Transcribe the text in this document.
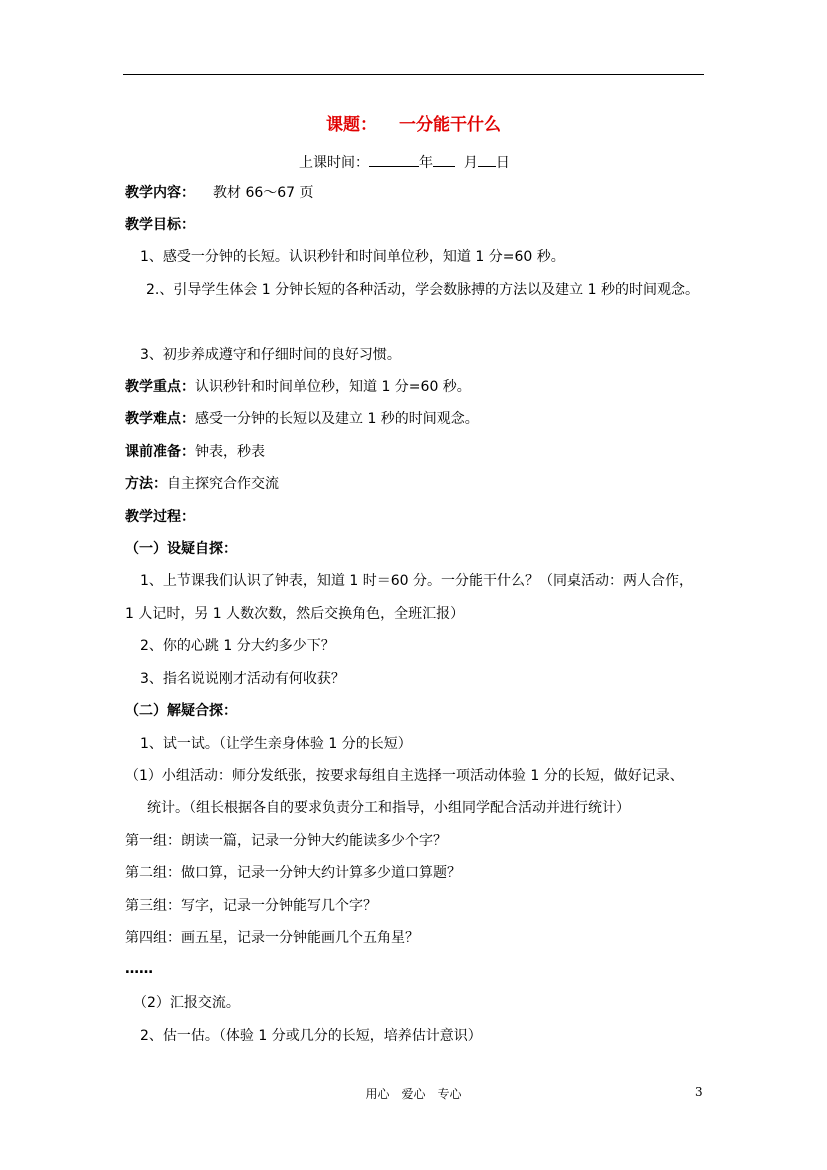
课题： 一分能干什么
上课时间：	年 月 日
教学内容： 教材 66～67 页
教学目标：
1、感受一分钟的长短。认识秒针和时间单位秒，知道 1 分=60 秒。
2.、引导学生体会 1 分钟长短的各种活动，学会数脉搏的方法以及建立 1 秒的时间观念。
3、初步养成遵守和仔细时间的良好习惯。
教学重点：认识秒针和时间单位秒，知道 1 分=60 秒。
教学难点：感受一分钟的长短以及建立 1 秒的时间观念。
课前准备：钟表，秒表
方法：自主探究合作交流
教学过程：
（一）设疑自探：
1、上节课我们认识了钟表，知道 1 时＝60 分。一分能干什么？（同桌活动：两人合作，
1 人记时，另 1 人数次数，然后交换角色，全班汇报）
2、你的心跳 1 分大约多少下？
3、指名说说刚才活动有何收获？
（二）解疑合探：
1、试一试。（让学生亲身体验 1 分的长短）
（1）小组活动：师分发纸张，按要求每组自主选择一项活动体验 1 分的长短，做好记录、
统计。（组长根据各自的要求负责分工和指导，小组同学配合活动并进行统计）
第一组：朗读一篇，记录一分钟大约能读多少个字？
第二组：做口算，记录一分钟大约计算多少道口算题？
第三组：写字，记录一分钟能写几个字？
第四组：画五星，记录一分钟能画几个五角星？
……
（2）汇报交流。
2、估一估。（体验 1 分或几分的长短，培养估计意识）
用心 爱心 专心	3
